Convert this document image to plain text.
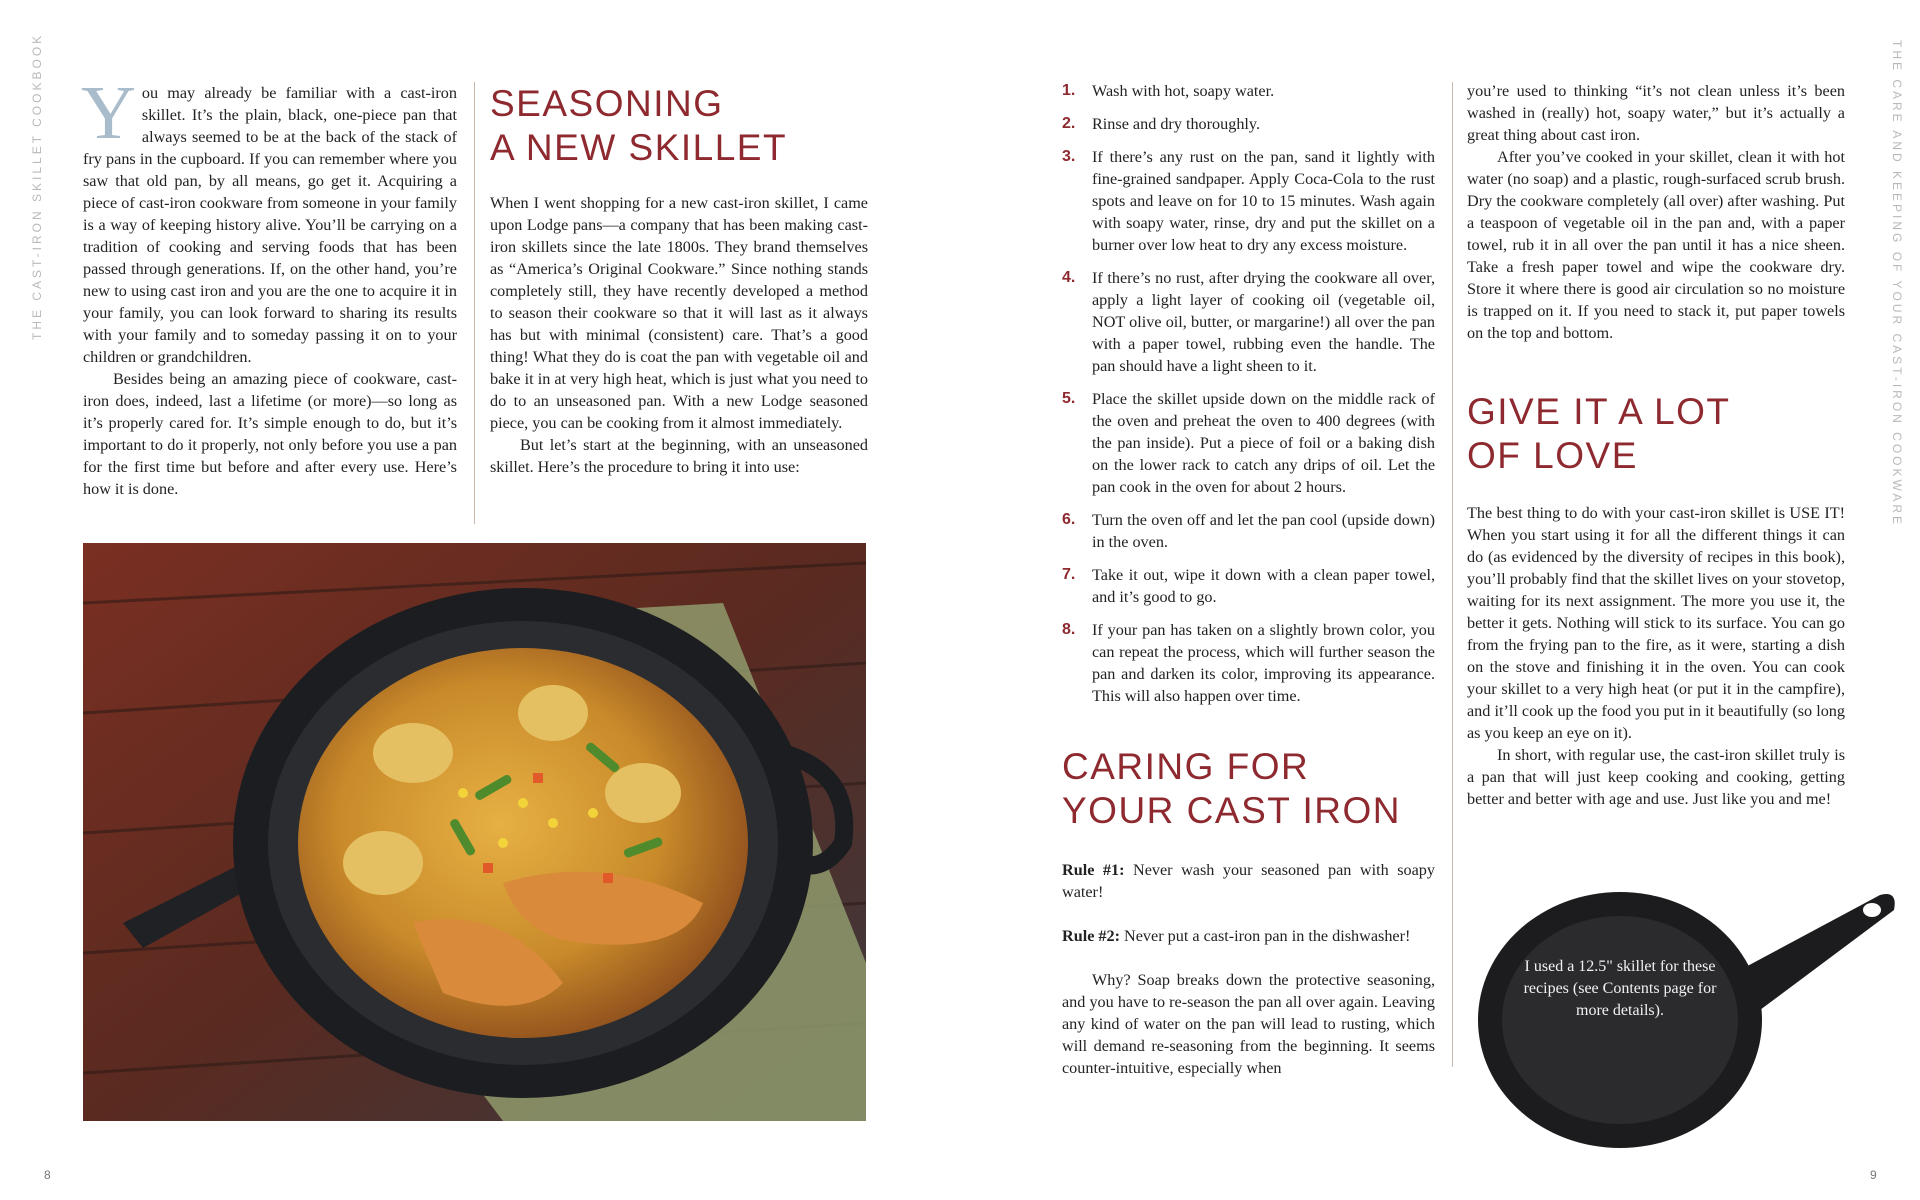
THE CAST-IRON SKILLET COOKBOOK You may already be familiar with a cast-iron skillet. It’s the plain, black, one-piece pan that always seemed to be at the back of the stack of fry pans in the cupboard. If you can remember where you saw that old pan, by all means, go get it. Acquiring a piece of cast-iron cookware from someone in your family is a way of keeping history alive. You’ll be carrying on a tradition of cooking and serving foods that has been passed through generations. If, on the other hand, you’re new to using cast iron and you are the one to acquire it in your family, you can look forward to sharing its results with your family and to someday passing it on to your children or grandchildren.

Besides being an amazing piece of cookware, cast-iron does, indeed, last a lifetime (or more)—so long as it’s properly cared for. It’s simple enough to do, but it’s important to do it properly, not only before you use a pan for the first time but before and after every use. Here’s how it is done.

SEASONING
A NEW SKILLET

When I went shopping for a new cast-iron skillet, I came upon Lodge pans—a company that has been making cast-iron skillets since the late 1800s. They brand themselves as “America’s Original Cookware.” Since nothing stands completely still, they have recently developed a method to season their cookware so that it will last as it always has but with minimal (consistent) care. That’s a good thing! What they do is coat the pan with vegetable oil and bake it in at very high heat, which is just what you need to do to an unseasoned pan. With a new Lodge seasoned piece, you can be cooking from it almost immediately.

But let’s start at the beginning, with an unseasoned skillet. Here’s the procedure to bring it into use:

8
THE CARE AND KEEPING OF YOUR CAST-IRON COOKWARE
1.	Wash with hot, soapy water.
2.	Rinse and dry thoroughly.
3.	If there’s any rust on the pan, sand it lightly with fine-grained sandpaper. Apply Coca-Cola to the rust spots and leave on for 10 to 15 minutes. Wash again with soapy water, rinse, dry and put the skillet on a burner over low heat to dry any excess moisture.
4.	If there’s no rust, after drying the cookware all over, apply a light layer of cooking oil (vegetable oil, NOT olive oil, butter, or margarine!) all over the pan with a paper towel, rubbing even the handle. The pan should have a light sheen to it.
5.	Place the skillet upside down on the middle rack of the oven and preheat the oven to 400 degrees (with the pan inside). Put a piece of foil or a baking dish on the lower rack to catch any drips of oil. Let the pan cook in the oven for about 2 hours.
6.	Turn the oven off and let the pan cool (upside down) in the oven.
7.	Take it out, wipe it down with a clean paper towel, and it’s good to go.
8.	If your pan has taken on a slightly brown color, you can repeat the process, which will further season the pan and darken its color, improving its appearance. This will also happen over time.
CARING FOR
YOUR CAST IRON

Rule #1: Never wash your seasoned pan with soapy water!

Rule #2: Never put a cast-iron pan in the dishwasher!

Why? Soap breaks down the protective seasoning, and you have to re-season the pan all over again. Leaving any kind of water on the pan will lead to rusting, which will demand re-seasoning from the beginning. It seems counter-intuitive, especially when

you’re used to thinking “it’s not clean unless it’s been washed in (really) hot, soapy water,” but it’s actually a great thing about cast iron.

After you’ve cooked in your skillet, clean it with hot water (no soap) and a plastic, rough-surfaced scrub brush. Dry the cookware completely (all over) after washing. Put a teaspoon of vegetable oil in the pan and, with a paper towel, rub it in all over the pan until it has a nice sheen. Take a fresh paper towel and wipe the cookware dry. Store it where there is good air circulation so no moisture is trapped on it. If you need to stack it, put paper towels on the top and bottom.

GIVE IT A LOT
OF LOVE

The best thing to do with your cast-iron skillet is USE IT! When you start using it for all the different things it can do (as evidenced by the diversity of recipes in this book), you’ll probably find that the skillet lives on your stovetop, waiting for its next assignment. The more you use it, the better it gets. Nothing will stick to its surface. You can go from the frying pan to the fire, as it were, starting a dish on the stove and finishing it in the oven. You can cook your skillet to a very high heat (or put it in the campfire), and it’ll cook up the food you put in it beautifully (so long as you keep an eye on it).

In short, with regular use, the cast-iron skillet truly is a pan that will just keep cooking and cooking, getting better and better with age and use. Just like you and me!

I used a 12.5" skillet for these recipes (see Contents page for more details).
9
